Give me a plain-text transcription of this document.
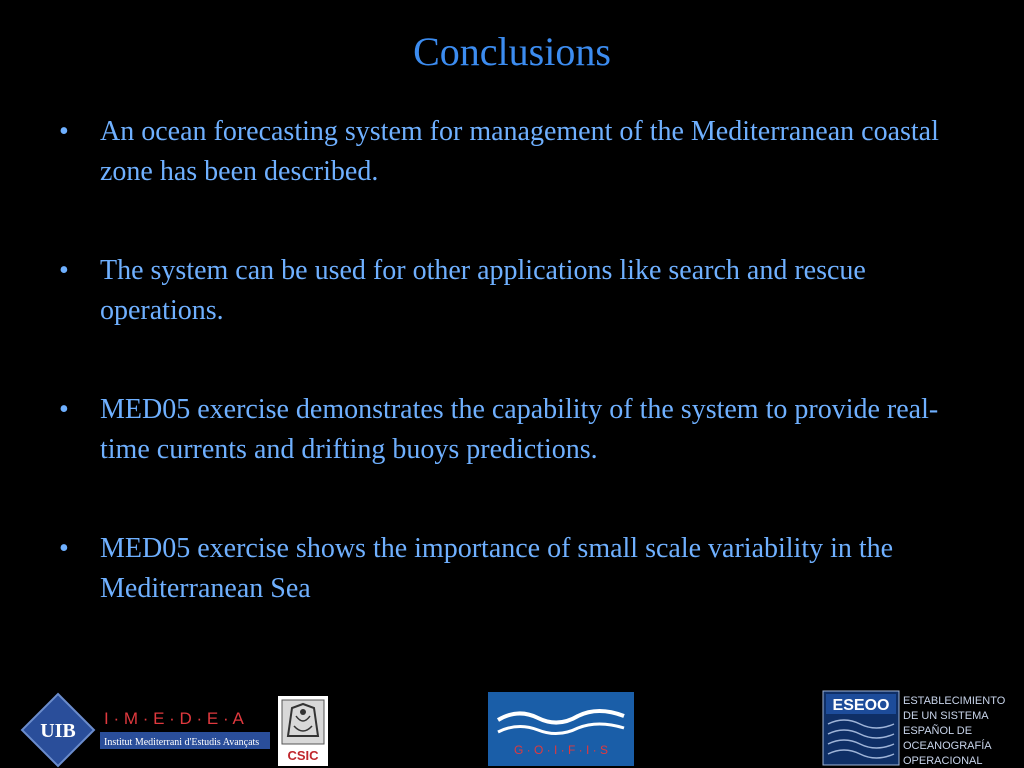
Conclusions
• An ocean forecasting system for management of the Mediterranean coastal zone has been described.
• The system can be used for other applications like search and rescue operations.
• MED05 exercise demonstrates the capability of the system to provide real-time currents and drifting buoys predictions.
• MED05 exercise shows the importance of small scale variability in the Mediterranean Sea
UIB
I · M · E · D · E · A
Institut Mediterrani d'Estudis Avançats
CSIC	G · O · I · F · I · S
ESEOO ESTABLECIMIENTO
DE UN SISTEMA
ESPAÑOL DE
OCEANOGRAFÍA
OPERACIONAL
